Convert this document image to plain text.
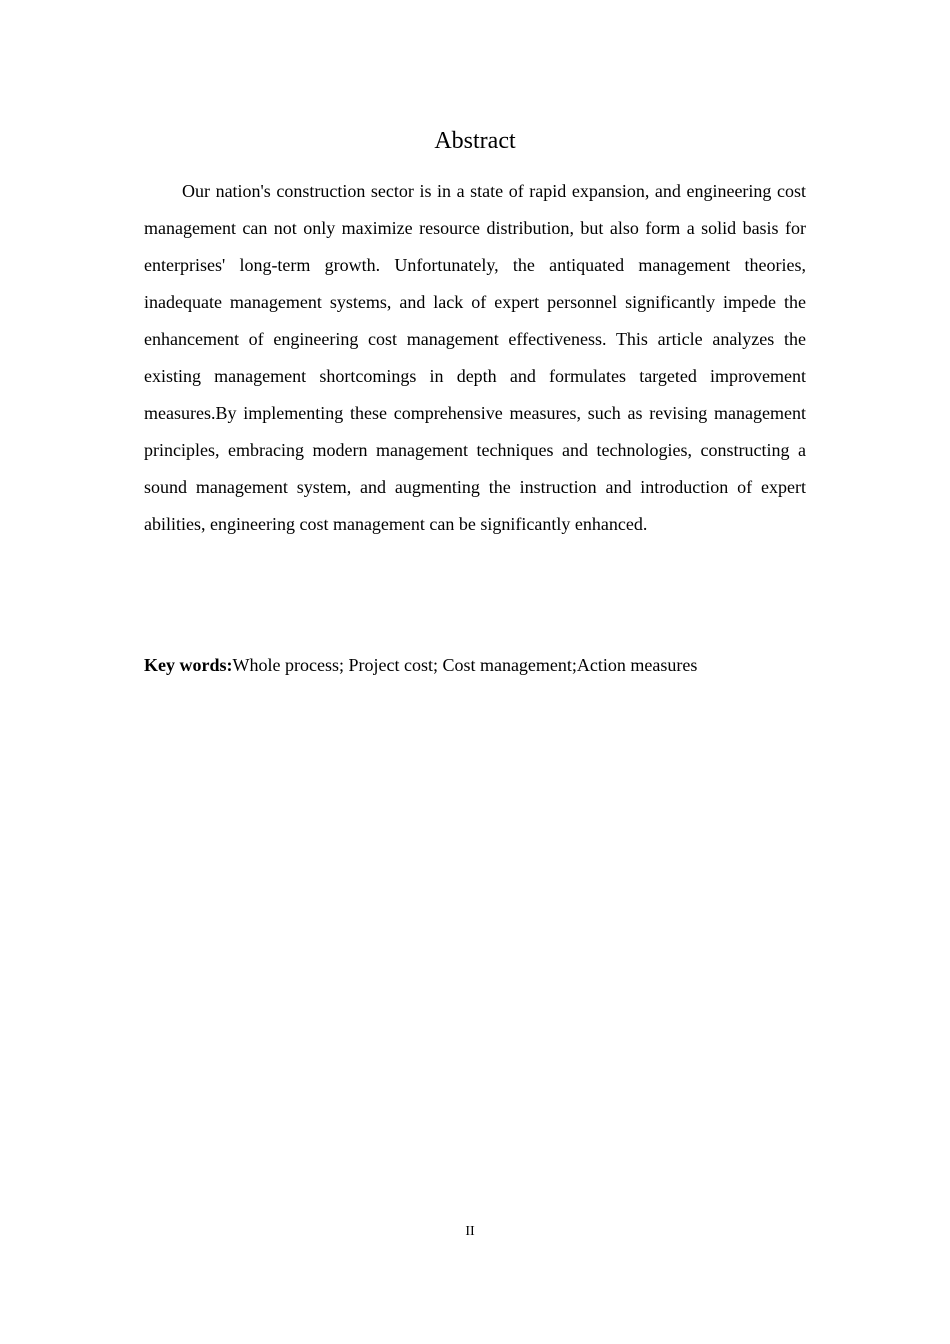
Abstract

Our nation's construction sector is in a state of rapid expansion, and engineering cost management can not only maximize resource distribution, but also form a solid basis for enterprises' long-term growth. Unfortunately, the antiquated management theories, inadequate management systems, and lack of expert personnel significantly impede the enhancement of engineering cost management effectiveness. This article analyzes the existing management shortcomings in depth and formulates targeted improvement measures.By implementing these comprehensive measures, such as revising management principles, embracing modern management techniques and technologies, constructing a sound management system, and augmenting the instruction and introduction of expert abilities, engineering cost management can be significantly enhanced.

Key words:Whole process; Project cost; Cost management;Action measures

II
